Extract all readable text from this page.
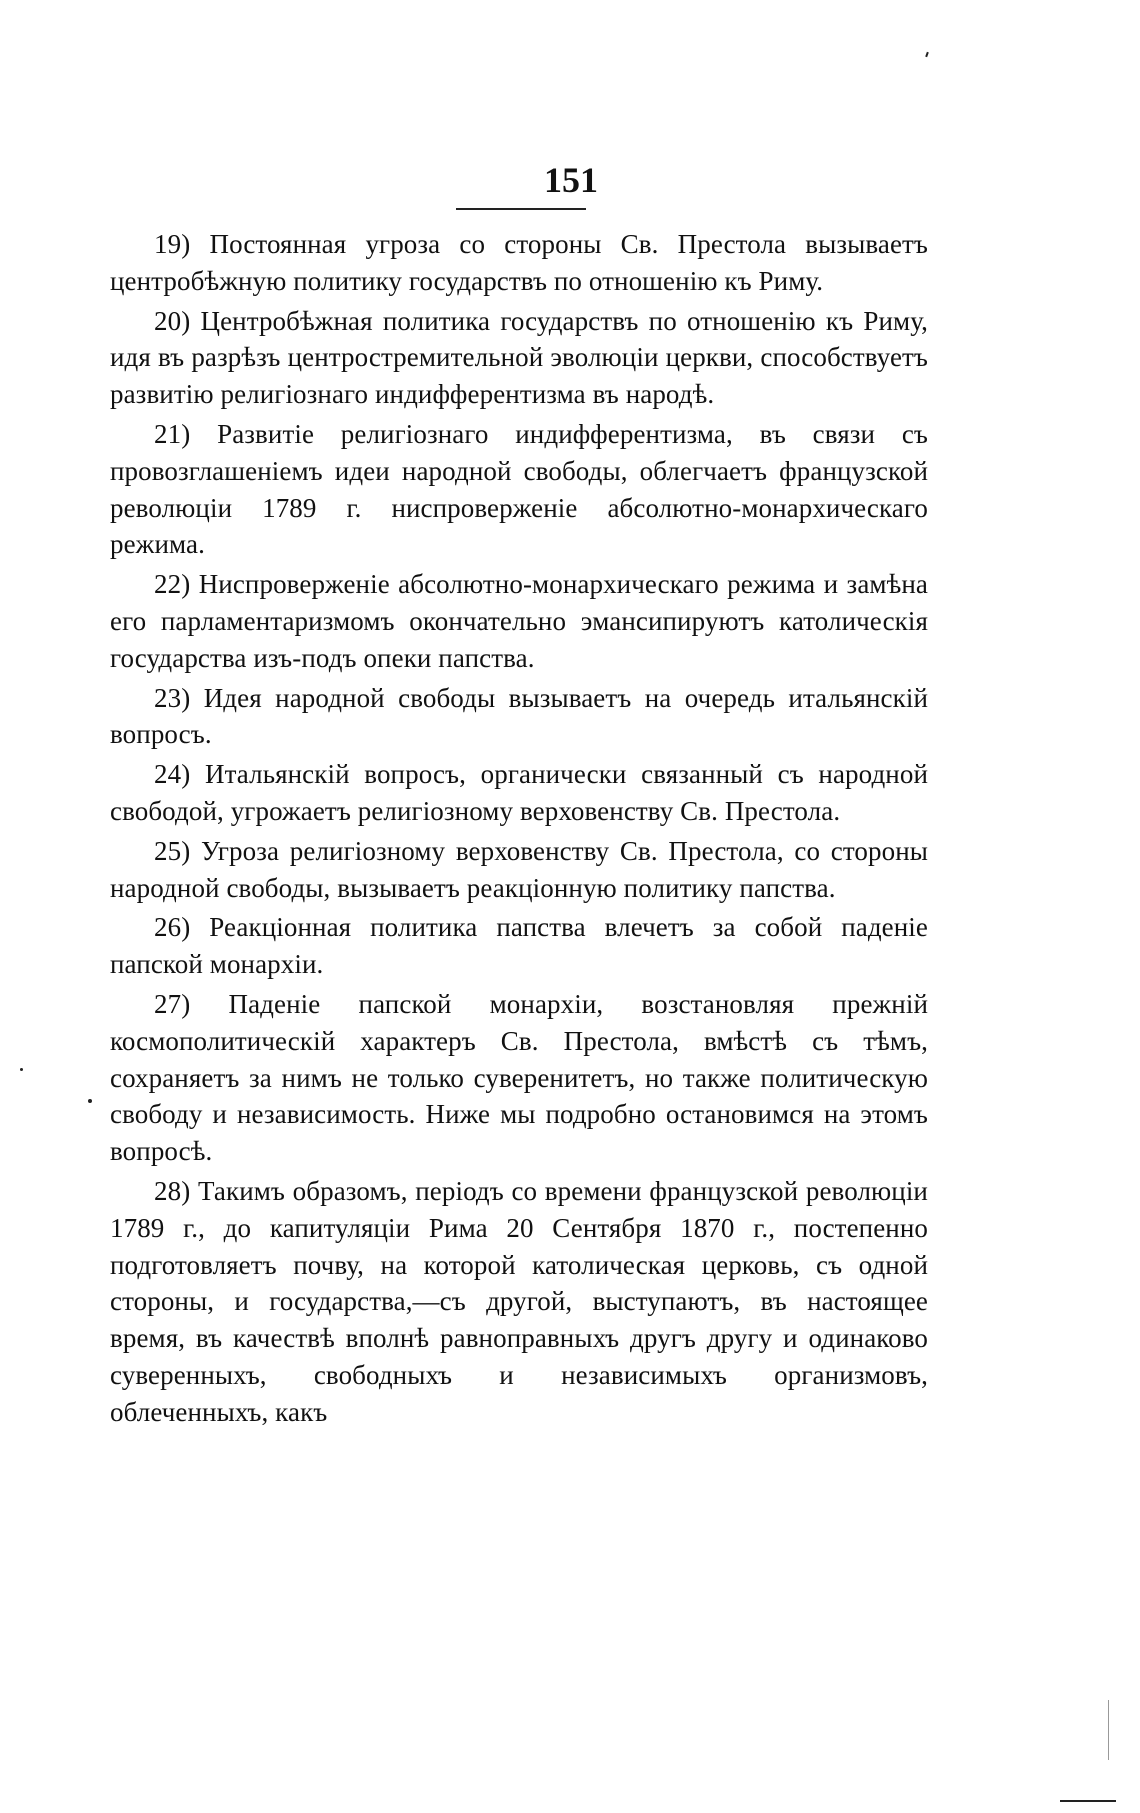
151

19) Постоянная угроза со стороны Св. Престола вызываетъ центробѣжную политику государствъ по отношенію къ Риму.

20) Центробѣжная политика государствъ по отношенію къ Риму, идя въ разрѣзъ центростремительной эволюціи церкви, способствуетъ развитію религіознаго индифферентизма въ народѣ.

21) Развитіе религіознаго индифферентизма, въ связи съ провозглашеніемъ идеи народной свободы, облегчаетъ французской революціи 1789 г. ниспроверженіе абсолютно-монархическаго режима.

22) Ниспроверженіе абсолютно-монархическаго режима и замѣна его парламентаризмомъ окончательно эмансипируютъ католическія государства изъ-подъ опеки папства.

23) Идея народной свободы вызываетъ на очередь итальянскій вопросъ.

24) Итальянскій вопросъ, органически связанный съ народной свободой, угрожаетъ религіозному верховенству Св. Престола.

25) Угроза религіозному верховенству Св. Престола, со стороны народной свободы, вызываетъ реакціонную политику папства.

26) Реакціонная политика папства влечетъ за собой паденіе папской монархіи.

27) Паденіе папской монархіи, возстановляя прежній космополитическій характеръ Св. Престола, вмѣстѣ съ тѣмъ, сохраняетъ за нимъ не только суверенитетъ, но также политическую свободу и независимость. Ниже мы подробно остановимся на этомъ вопросѣ.

28) Такимъ образомъ, періодъ со времени французской революціи 1789 г., до капитуляціи Рима 20 Сентября 1870 г., постепенно подготовляетъ почву, на которой католическая церковь, съ одной стороны, и государства,—съ другой, выступаютъ, въ настоящее время, въ качествѣ вполнѣ равноправныхъ другъ другу и одинаково суверенныхъ, свободныхъ и независимыхъ организмовъ, облеченныхъ, какъ
